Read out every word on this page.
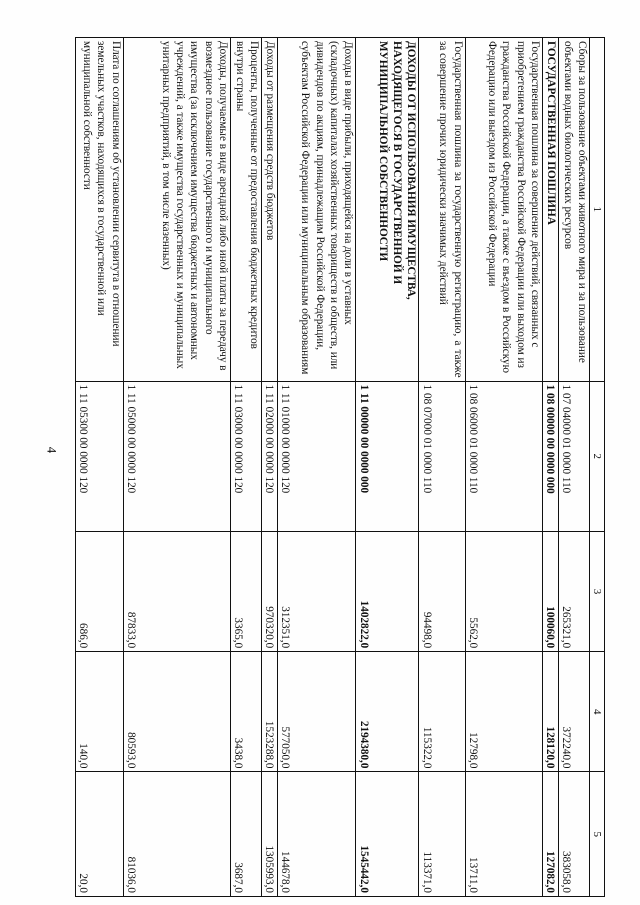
4
1	2	3	4	5
Сборы за пользование объектами животного мира и за пользование объектами водных биологических ресурсов	1 07 04000 01 0000 110	265321,0	372240,0	383058,0
ГОСУДАРСТВЕННАЯ ПОШЛИНА	1 08 00000 00 0000 000	100060,0	128120,0	127082,0
Государственная пошлина за совершение действий, связанных с приобретением гражданства Российской Федерации или выходом из гражданства Российской Федерации, а также с въездом в Российскую Федерацию или выездом из Российской Федерации	1 08 06000 01 0000 110	5562,0	12798,0	13711,0
Государственная пошлина за государственную регистрацию, а также за совершение прочих юридически значимых действий	1 08 07000 01 0000 110	94498,0	115322,0	113371,0
ДОХОДЫ ОТ ИСПОЛЬЗОВАНИЯ ИМУЩЕСТВА, НАХОДЯЩЕГОСЯ В ГОСУДАРСТВЕННОЙ И МУНИЦИПАЛЬНОЙ СОБСТВЕННОСТИ	1 11 00000 00 0000 000	1402822,0	2194380,0	1545442,0
Доходы в виде прибыли, приходящейся на доли в уставных (складочных) капиталах хозяйственных товариществ и обществ, или дивидендов по акциям, принадлежащим Российской Федерации, субъектам Российской Федерации или муниципальным образованиям	1 11 01000 00 0000 120	312351,0	577050,0	144678,0
Доходы от размещения средств бюджетов	1 11 02000 00 0000 120	970320,0	1523288,0	1305993,0
Проценты, полученные от предоставления бюджетных кредитов внутри страны	1 11 03000 00 0000 120	3365,0	3438,0	3687,0
Доходы, получаемые в виде арендной либо иной платы за передачу в возмездное пользование государственного и муниципального имущества (за исключением имущества бюджетных и автономных учреждений, а также имущества государственных и муниципальных унитарных предприятий, в том числе казенных)	1 11 05000 00 0000 120	87833,0	80593,0	81036,0
Плата по соглашениям об установлении сервитута в отношении земельных участков, находящихся в государственной или муниципальной собственности	1 11 05300 00 0000 120	686,0	140,0	20,0
